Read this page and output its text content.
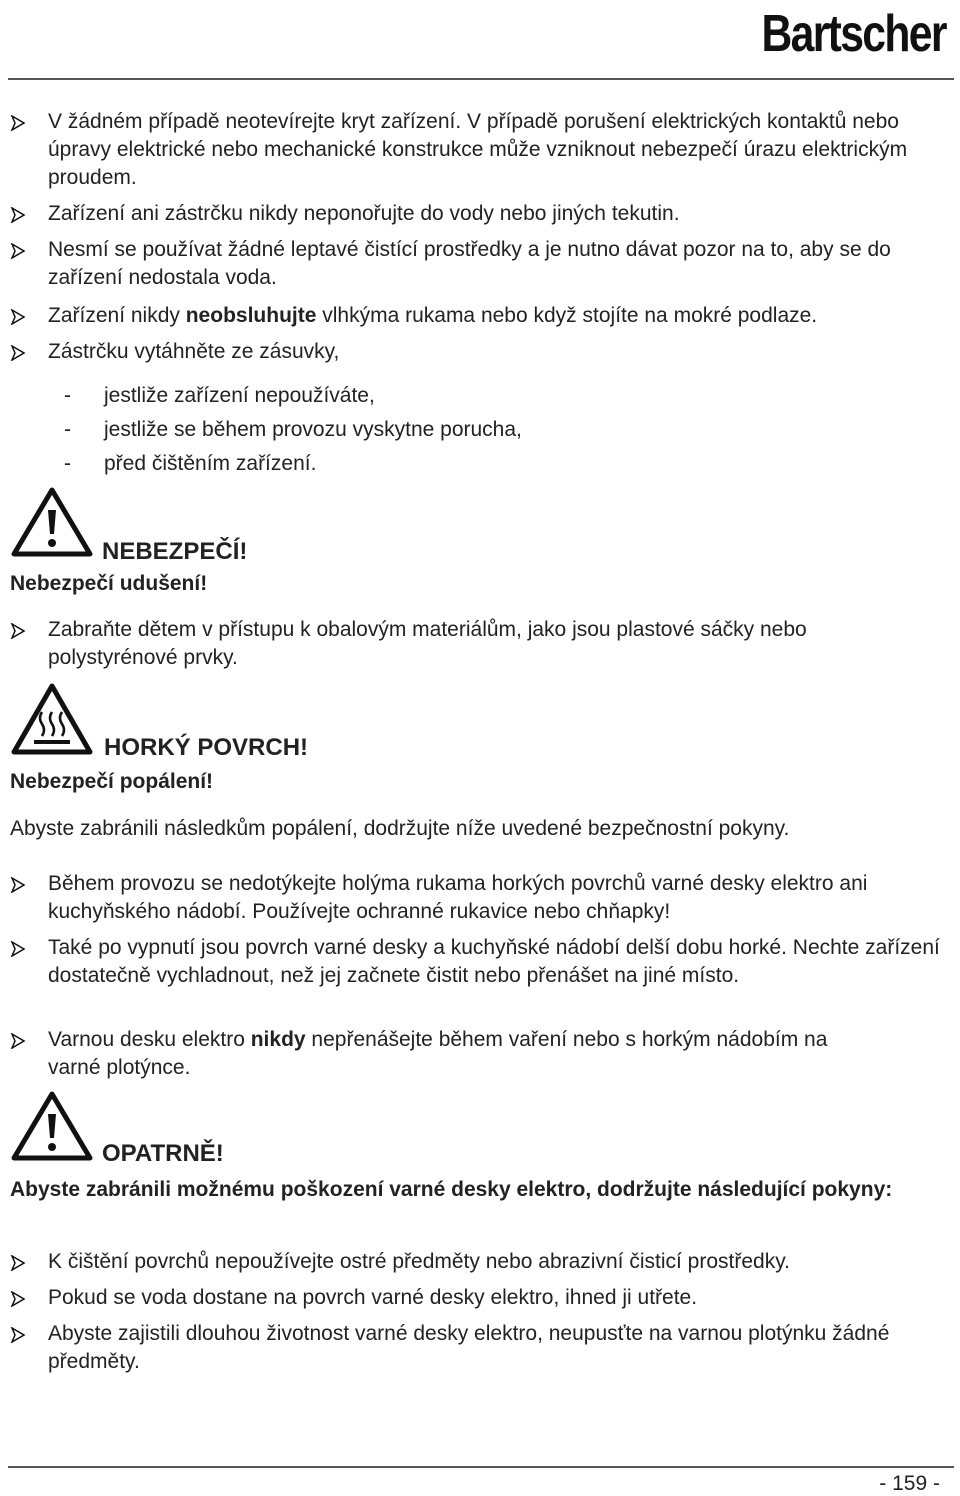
Bartscher
V žádném případě neotevírejte kryt zařízení. V případě porušení elektrických kontaktů nebo úpravy elektrické nebo mechanické konstrukce může vzniknout nebezpečí úrazu elektrickým proudem.
Zařízení ani zástrčku nikdy neponořujte do vody nebo jiných tekutin.
Nesmí se používat žádné leptavé čistící prostředky a je nutno dávat pozor na to, aby se do zařízení nedostala voda.
Zařízení nikdy neobsluhujte vlhkýma rukama nebo když stojíte na mokré podlaze.
Zástrčku vytáhněte ze zásuvky,
- jestliže zařízení nepoužíváte,
- jestliže se během provozu vyskytne porucha,
- před čištěním zařízení.
NEBEZPEČÍ!
Nebezpečí udušení!
Zabraňte dětem v přístupu k obalovým materiálům, jako jsou plastové sáčky nebo polystyrénové prvky.
HORKÝ POVRCH!
Nebezpečí popálení!
Abyste zabránili následkům popálení, dodržujte níže uvedené bezpečnostní pokyny.
Během provozu se nedotýkejte holýma rukama horkých povrchů varné desky elektro ani kuchyňského nádobí. Používejte ochranné rukavice nebo chňapky!
Také po vypnutí jsou povrch varné desky a kuchyňské nádobí delší dobu horké. Nechte zařízení dostatečně vychladnout, než jej začnete čistit nebo přenášet na jiné místo.
Varnou desku elektro nikdy nepřenášejte během vaření nebo s horkým nádobím na varné plotýnce.
OPATRNĚ!
Abyste zabránili možnému poškození varné desky elektro, dodržujte následující pokyny:
K čištění povrchů nepoužívejte ostré předměty nebo abrazivní čisticí prostředky.
Pokud se voda dostane na povrch varné desky elektro, ihned ji utřete.
Abyste zajistili dlouhou životnost varné desky elektro, neupusťte na varnou plotýnku žádné předměty.
- 159 -
